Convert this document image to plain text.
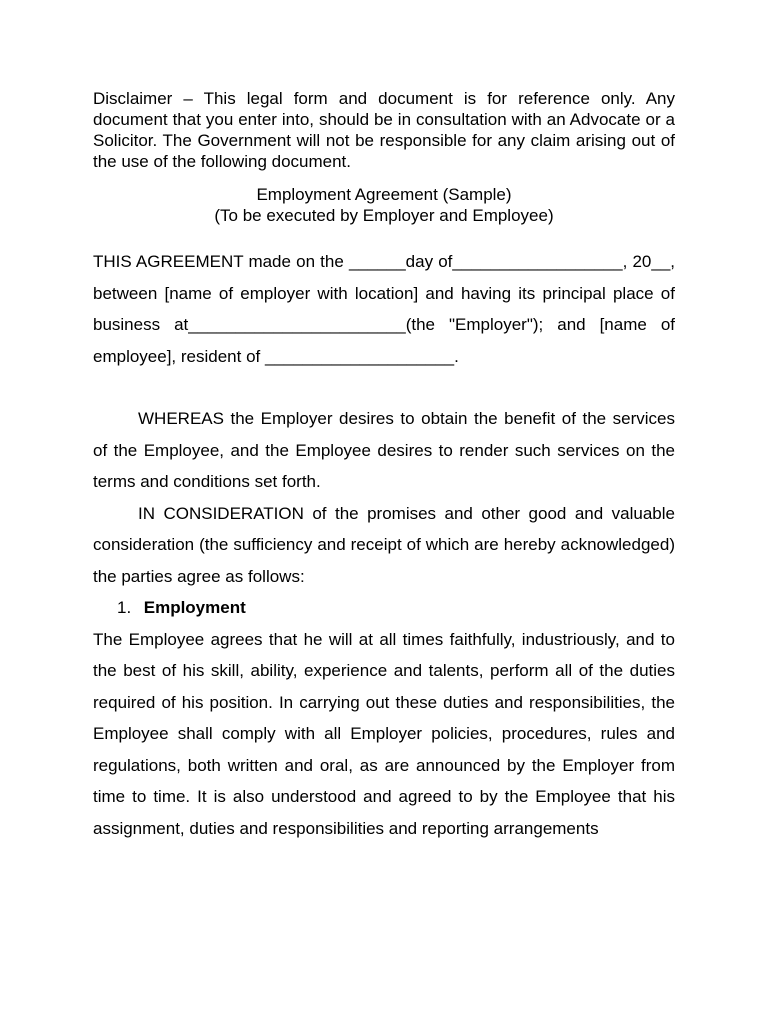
Disclaimer – This legal form and document is for reference only. Any document that you enter into, should be in consultation with an Advocate or a Solicitor. The Government will not be responsible for any claim arising out of the use of the following document.

Employment Agreement (Sample)
(To be executed by Employer and Employee)

THIS AGREEMENT made on the ______day of__________________, 20__, between [name of employer with location] and having its principal place of business at_______________________(the "Employer"); and [name of employee], resident of ____________________.

WHEREAS the Employer desires to obtain the benefit of the services of the Employee, and the Employee desires to render such services on the terms and conditions set forth.

IN CONSIDERATION of the promises and other good and valuable consideration (the sufficiency and receipt of which are hereby acknowledged) the parties agree as follows:

1. Employment

The Employee agrees that he will at all times faithfully, industriously, and to the best of his skill, ability, experience and talents, perform all of the duties required of his position. In carrying out these duties and responsibilities, the Employee shall comply with all Employer policies, procedures, rules and regulations, both written and oral, as are announced by the Employer from time to time. It is also understood and agreed to by the Employee that his assignment, duties and responsibilities and reporting arrangements
